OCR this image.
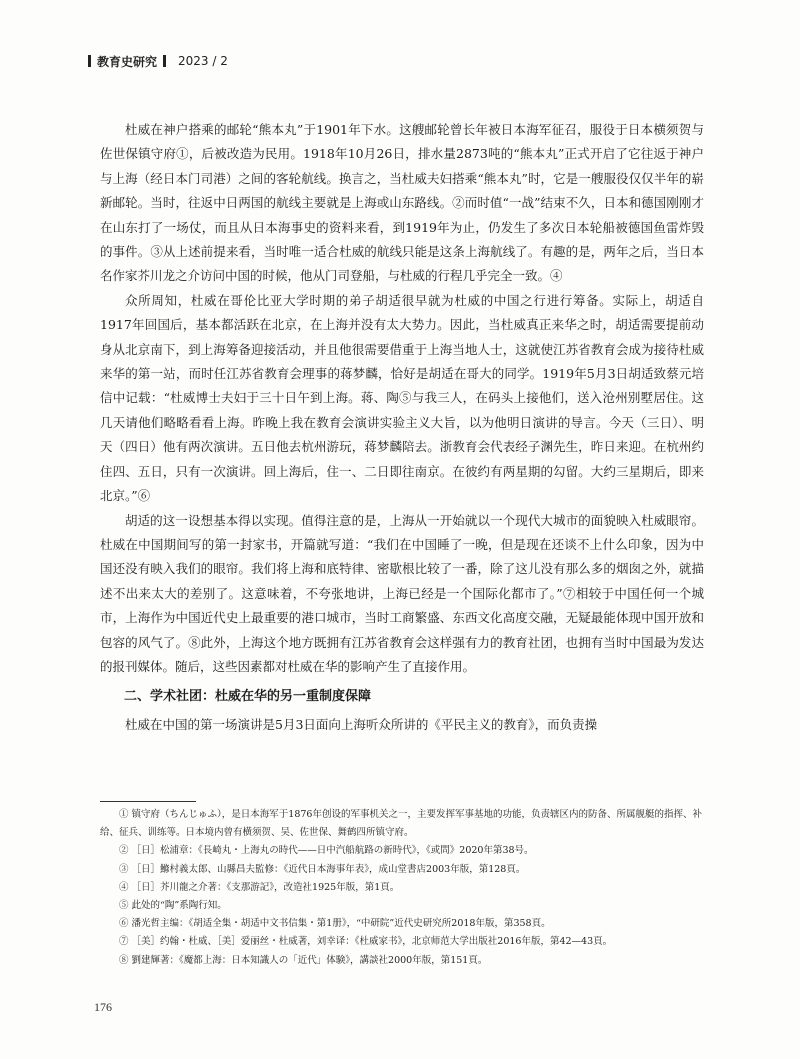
教育史研究 2023 / 2

杜威在神户搭乘的邮轮“熊本丸”于1901年下水。这艘邮轮曾长年被日本海军征召，服役于日本横须贺与佐世保镇守府①，后被改造为民用。1918年10月26日，排水量2873吨的“熊本丸”正式开启了它往返于神户与上海（经日本门司港）之间的客轮航线。换言之，当杜威夫妇搭乘“熊本丸”时，它是一艘服役仅仅半年的崭新邮轮。当时，往返中日两国的航线主要就是上海或山东路线。②而时值“一战”结束不久，日本和德国刚刚才在山东打了一场仗，而且从日本海事史的资料来看，到1919年为止，仍发生了多次日本轮船被德国鱼雷炸毁的事件。③从上述前提来看，当时唯一适合杜威的航线只能是这条上海航线了。有趣的是，两年之后，当日本名作家芥川龙之介访问中国的时候，他从门司登船，与杜威的行程几乎完全一致。④

众所周知，杜威在哥伦比亚大学时期的弟子胡适很早就为杜威的中国之行进行筹备。实际上，胡适自1917年回国后，基本都活跃在北京，在上海并没有太大势力。因此，当杜威真正来华之时，胡适需要提前动身从北京南下，到上海筹备迎接活动，并且他很需要借重于上海当地人士，这就使江苏省教育会成为接待杜威来华的第一站，而时任江苏省教育会理事的蒋梦麟，恰好是胡适在哥大的同学。1919年5月3日胡适致蔡元培信中记载：“杜威博士夫妇于三十日午到上海。蒋、陶⑤与我三人，在码头上接他们，送入沧州别墅居住。这几天请他们略略看看上海。昨晚上我在教育会演讲实验主义大旨，以为他明日演讲的导言。今天（三日）、明天（四日）他有两次演讲。五日他去杭州游玩，蒋梦麟陪去。浙教育会代表经子渊先生，昨日来迎。在杭州约住四、五日，只有一次演讲。回上海后，住一、二日即往南京。在彼约有两星期的勾留。大约三星期后，即来北京。”⑥

胡适的这一设想基本得以实现。值得注意的是，上海从一开始就以一个现代大城市的面貌映入杜威眼帘。杜威在中国期间写的第一封家书，开篇就写道：“我们在中国睡了一晚，但是现在还谈不上什么印象，因为中国还没有映入我们的眼帘。我们将上海和底特律、密歇根比较了一番，除了这儿没有那么多的烟囱之外，就描述不出来太大的差别了。这意味着，不夸张地讲，上海已经是一个国际化都市了。”⑦相较于中国任何一个城市，上海作为中国近代史上最重要的港口城市，当时工商繁盛、东西文化高度交融，无疑最能体现中国开放和包容的风气了。⑧此外，上海这个地方既拥有江苏省教育会这样强有力的教育社团，也拥有当时中国最为发达的报刊媒体。随后，这些因素都对杜威在华的影响产生了直接作用。

二、学术社团：杜威在华的另一重制度保障

杜威在中国的第一场演讲是5月3日面向上海听众所讲的《平民主义的教育》，而负责操

① 镇守府（ちんじゅふ），是日本海军于1876年创设的军事机关之一，主要发挥军事基地的功能，负责辖区内的防备、所属舰艇的指挥、补给、征兵、训练等。日本境内曾有横须贺、吴、佐世保、舞鹤四所镇守府。

② ［日］松浦章：《長崎丸・上海丸の時代——日中汽船航路の新時代》，《或問》2020年第38号。

③ ［日］鰷村義太郎、山縣昌夫監修：《近代日本海事年表》，成山堂書店2003年版，第128頁。

④ ［日］芥川龍之介著：《支那游記》，改造社1925年版，第1頁。

⑤ 此处的“陶”系陶行知。

⑥ 潘光哲主编：《胡适全集・胡适中文书信集・第1册》，“中研院”近代史研究所2018年版，第358頁。

⑦ ［美］约翰・杜威、［美］爱丽丝・杜威著，刘幸译：《杜威家书》，北京师范大学出版社2016年版，第42—43頁。

⑧ 劉建輝著：《魔都上海：日本知識人の「近代」体験》，講談社2000年版，第151頁。

176
